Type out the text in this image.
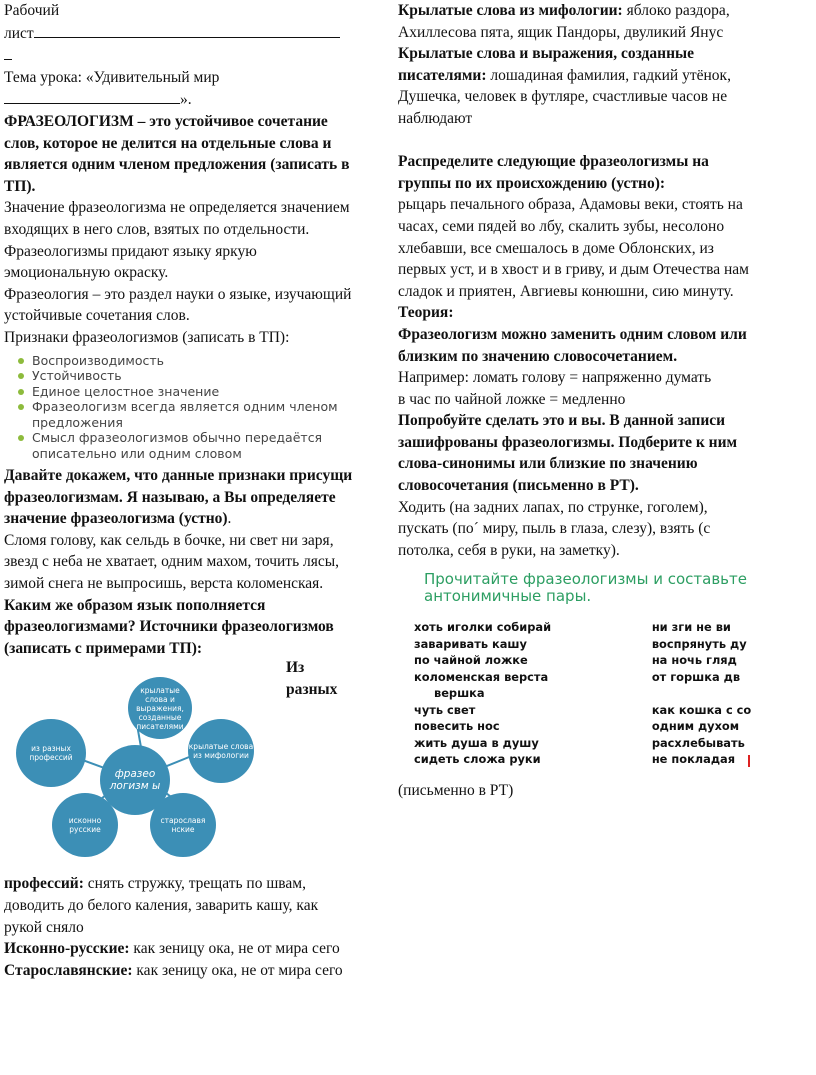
Рабочий

лист

Тема урока: «Удивительный мир

».

ФРАЗЕОЛОГИЗМ – это устойчивое сочетание слов, которое не делится на отдельные слова и является одним членом предложения (записать в ТП).

Значение фразеологизма не определяется значением входящих в него слов, взятых по отдельности.

Фразеологизмы придают языку яркую эмоциональную окраску.

Фразеология – это раздел науки о языке, изучающий устойчивые сочетания слов.

Признаки фразеологизмов (записать в ТП):

Воспроизводимость
Устойчивость
Единое целостное значение
Фразеологизм всегда является одним членом предложения
Смысл фразеологизмов обычно передаётся описательно или одним словом

Давайте докажем, что данные признаки присущи фразеологизмам. Я называю, а Вы определяете значение фразеологизма (устно).

Сломя голову, как сельдь в бочке, ни свет ни заря, звезд с неба не хватает, одним махом, точить лясы, зимой снега не выпросишь, верста коломенская.

Каким же образом язык пополняется фразеологизмами? Источники фразеологизмов (записать с примерами ТП):

Из
разных
крылатые слова и выражения, созданные писателями
крылатые слова из мифологии
фразео логизм ы
из разных профессий
исконно русские
старославя нские

профессий: снять стружку, трещать по швам, доводить до белого каления, заварить кашу, как рукой сняло

Исконно-русские: как зеницу ока, не от мира сего

Старославянские: как зеницу ока, не от мира сего

Крылатые слова из мифологии: яблоко раздора, Ахиллесова пята, ящик Пандоры, двуликий Янус

Крылатые слова и выражения, созданные писателями: лошадиная фамилия, гадкий утёнок, Душечка, человек в футляре, счастливые часов не наблюдают

Распределите следующие фразеологизмы на группы по их происхождению (устно):

рыцарь печального образа, Адамовы веки, стоять на часах, семи пядей во лбу, скалить зубы, несолоно хлебавши, все смешалось в доме Облонских, из первых уст, и в хвост и в гриву, и дым Отечества нам сладок и приятен, Авгиевы конюшни, сию минуту.

Теория:

Фразеологизм можно заменить одним словом или близким по значению словосочетанием.

Например: ломать голову = напряженно думать

в час по чайной ложке = медленно

Попробуйте сделать это и вы. В данной записи зашифрованы фразеологизмы. Подберите к ним слова-синонимы или близкие по значению словосочетания (письменно в РТ).

Ходить (на задних лапах, по струнке, гоголем), пускать (по´ миру, пыль в глаза, слезу), взять (с потолка, себя в руки, на заметку).

Прочитайте фразеологизмы и составьте антонимичные пары.
хоть иголки собирай	ни зги не ви
заваривать кашу	воспрянуть ду
по чайной ложке	на ночь гляд
коломенская верста	от горшка дв
вершка
чуть свет	как кошка с со
повесить нос	одним духом
жить душа в душу	расхлебывать
сидеть сложа руки	не покладая

(письменно в РТ)
